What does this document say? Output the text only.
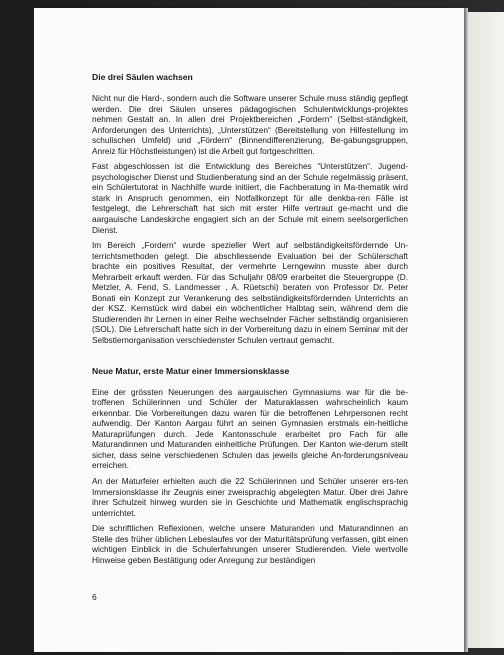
Die drei Säulen wachsen

Nicht nur die Hard-, sondern auch die Software unserer Schule muss ständig gepflegt werden. Die drei Säulen unseres pädagogischen Schulentwicklungs-projektes nehmen Gestalt an. In allen drei Projektbereichen „Fordern“ (Selbst-ständigkeit, Anforderungen des Unterrichts), „Unterstützen“ (Bereitstellung von Hilfestellung im schulischen Umfeld) und „Fördern“ (Binnendifferenzierung, Be-gabungsgruppen, Anreiz für Höchstleistungen) ist die Arbeit gut fortgeschritten.

Fast abgeschlossen ist die Entwicklung des Bereiches “Unterstützen“. Jugend-psychologischer Dienst und Studienberatung sind an der Schule regelmässig präsent, ein Schülertutorat in Nachhilfe wurde initiiert, die Fachberatung in Ma-thematik wird stark in Anspruch genommen, ein Notfallkonzept für alle denkba-ren Fälle ist festgelegt, die Lehrerschaft hat sich mit erster Hilfe vertraut ge-macht und die aargauische Landeskirche engagiert sich an der Schule mit einem seelsorgerlichen Dienst.

Im Bereich „Fordern“ wurde spezieller Wert auf selbständigkeitsfördernde Un-terrichtsmethoden gelegt. Die abschliessende Evaluation bei der Schülerschaft brachte ein positives Resultat, der vermehrte Lerngewinn musste aber durch Mehrarbeit erkauft werden. Für das Schuljahr 08/09 erarbeitet die Steuergruppe (D. Metzler, A. Fend, S. Landmesser , A. Rüetschi) beraten von Professor Dr. Peter Bonati ein Konzept zur Verankerung des selbständigkeitsfördernden Unterrichts an der KSZ. Kernstück wird dabei ein wöchentlicher Halbtag sein, während dem die Studierenden ihr Lernen in einer Reihe wechselnder Fächer selbständig organisieren (SOL). Die Lehrerschaft hatte sich in der Vorbereitung dazu in einem Seminar mit der Selbstlernorganisation verschiedenster Schulen vertraut gemacht.

Neue Matur, erste Matur einer Immersionsklasse

Eine der grössten Neuerungen des aargauischen Gymnasiums war für die be-troffenen Schülerinnen und Schüler der Maturaklassen wahrscheinlich kaum erkennbar. Die Vorbereitungen dazu waren für die betroffenen Lehrpersonen recht aufwendig. Der Kanton Aargau führt an seinen Gymnasien erstmals ein-heitliche Maturaprüfungen durch. Jede Kantonsschule erarbeitet pro Fach für alle Maturandinnen und Maturanden einheitliche Prüfungen. Der Kanton wie-derum stellt sicher, dass seine verschiedenen Schulen das jeweils gleiche An-forderungsniveau erreichen.

An der Maturfeier erhielten auch die 22 Schülerinnen und Schüler unserer ers-ten Immersionsklasse ihr Zeugnis einer zweisprachig abgelegten Matur. Über drei Jahre ihrer Schulzeit hinweg wurden sie in Geschichte und Mathematik englischsprachig unterrichtet.

Die schriftlichen Reflexionen, welche unsere Maturanden und Maturandinnen an Stelle des früher üblichen Lebeslaufes vor der Maturitätsprüfung verfassen, gibt einen wichtigen Einblick in die Schulerfahrungen unserer Studierenden. Viele wertvolle Hinweise geben Bestätigung oder Anregung zur beständigen

6
